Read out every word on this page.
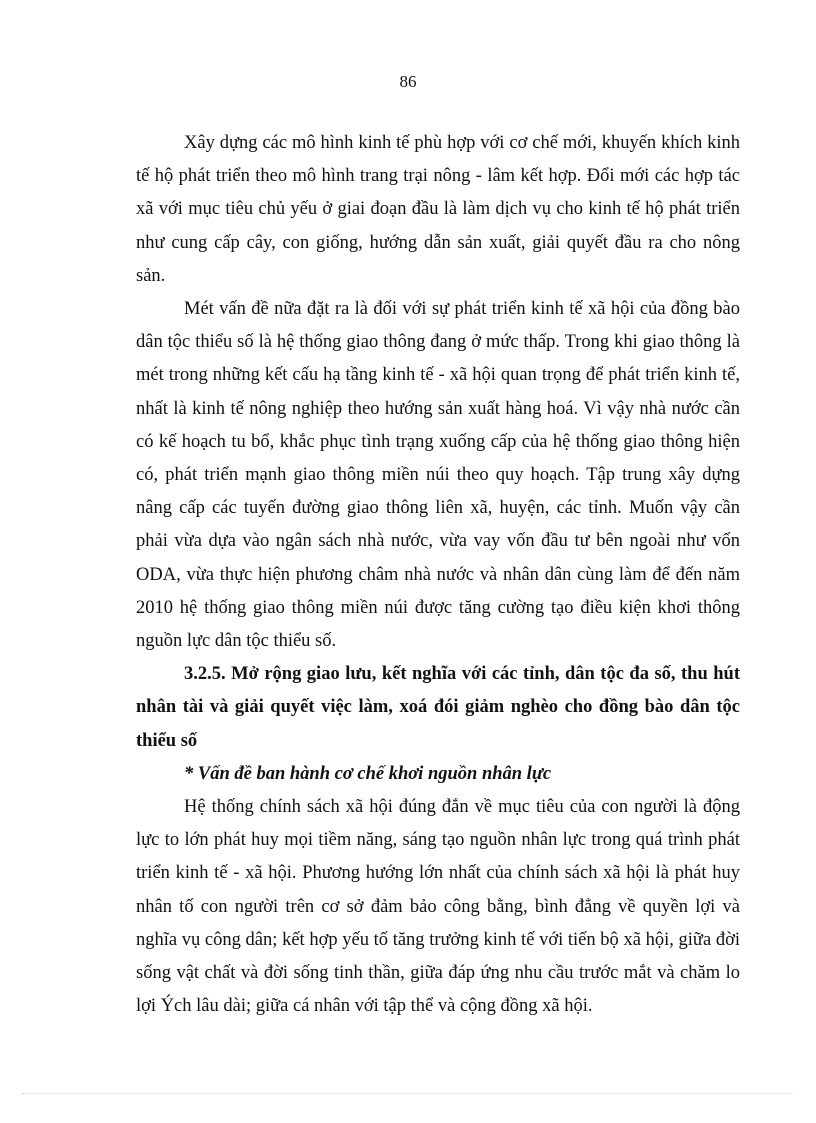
86

Xây dựng các mô hình kinh tế phù hợp với cơ chế mới, khuyến khích kinh tế hộ phát triển theo mô hình trang trại nông - lâm kết hợp. Đổi mới các hợp tác xã với mục tiêu chủ yếu ở giai đoạn đầu là làm dịch vụ cho kinh tế hộ phát triển như cung cấp cây, con giống, hướng dẫn sản xuất, giải quyết đầu ra cho nông sản.

Mét vấn đề nữa đặt ra là đối với sự phát triển kinh tế xã hội của đồng bào dân tộc thiểu số là hệ thống giao thông đang ở mức thấp. Trong khi giao thông là mét trong những kết cấu hạ tầng kinh tế - xã hội quan trọng để phát triển kinh tế, nhất là kinh tế nông nghiệp theo hướng sản xuất hàng hoá. Vì vậy nhà nước cần có kế hoạch tu bổ, khắc phục tình trạng xuống cấp của hệ thống giao thông hiện có, phát triển mạnh giao thông miền núi theo quy hoạch. Tập trung xây dựng nâng cấp các tuyến đường giao thông liên xã, huyện, các tỉnh. Muốn vậy cần phải vừa dựa vào ngân sách nhà nước, vừa vay vốn đầu tư bên ngoài như vốn ODA, vừa thực hiện phương châm nhà nước và nhân dân cùng làm để đến năm 2010 hệ thống giao thông miền núi được tăng cường tạo điều kiện khơi thông nguồn lực dân tộc thiểu số.

3.2.5. Mở rộng giao lưu, kết nghĩa với các tỉnh, dân tộc đa số, thu hút nhân tài và giải quyết việc làm, xoá đói giảm nghèo cho đồng bào dân tộc thiểu số

* Vấn đề ban hành cơ chế khơi nguồn nhân lực

Hệ thống chính sách xã hội đúng đắn về mục tiêu của con người là động lực to lớn phát huy mọi tiềm năng, sáng tạo nguồn nhân lực trong quá trình phát triển kinh tế - xã hội. Phương hướng lớn nhất của chính sách xã hội là phát huy nhân tố con người trên cơ sở đảm bảo công bằng, bình đẳng về quyền lợi và nghĩa vụ công dân; kết hợp yếu tố tăng trưởng kinh tế với tiến bộ xã hội, giữa đời sống vật chất và đời sống tinh thần, giữa đáp ứng nhu cầu trước mắt và chăm lo lợi Ých lâu dài; giữa cá nhân với tập thể và cộng đồng xã hội.
